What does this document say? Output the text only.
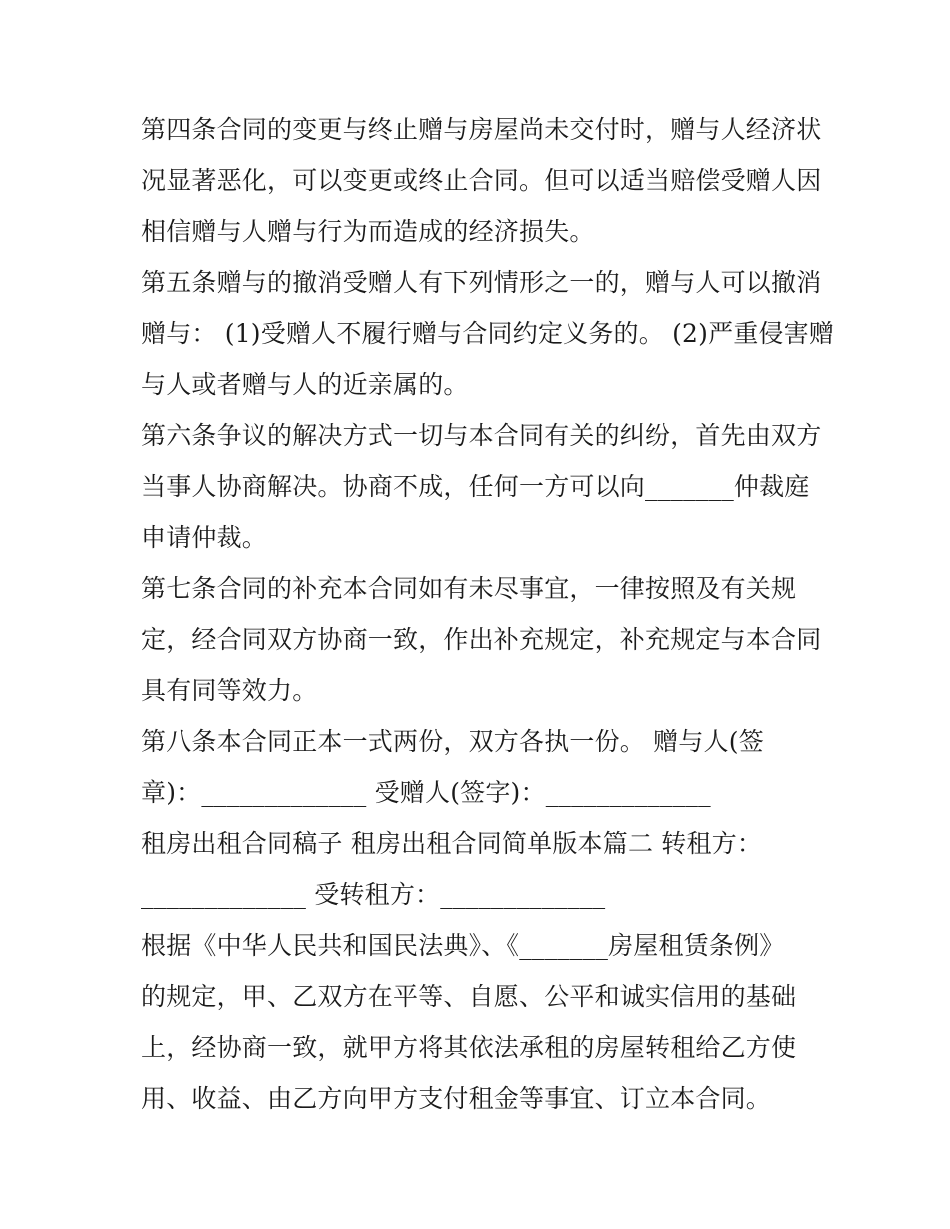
第四条合同的变更与终止赠与房屋尚未交付时，赠与人经济状
况显著恶化，可以变更或终止合同。但可以适当赔偿受赠人因
相信赠与人赠与行为而造成的经济损失。
第五条赠与的撤消受赠人有下列情形之一的，赠与人可以撤消
赠与： (1)受赠人不履行赠与合同约定义务的。 (2)严重侵害赠
与人或者赠与人的近亲属的。
第六条争议的解决方式一切与本合同有关的纠纷，首先由双方
当事人协商解决。协商不成，任何一方可以向_______仲裁庭
申请仲裁。
第七条合同的补充本合同如有未尽事宜，一律按照及有关规
定，经合同双方协商一致，作出补充规定，补充规定与本合同
具有同等效力。
第八条本合同正本一式两份，双方各执一份。 赠与人(签
章)：_____________ 受赠人(签字)：_____________
租房出租合同稿子 租房出租合同简单版本篇二 转租方：
_____________ 受转租方：_____________
根据《中华人民共和国民法典》、《_______房屋租赁条例》
的规定，甲、乙双方在平等、自愿、公平和诚实信用的基础
上，经协商一致，就甲方将其依法承租的房屋转租给乙方使
用、收益、由乙方向甲方支付租金等事宜、订立本合同。
